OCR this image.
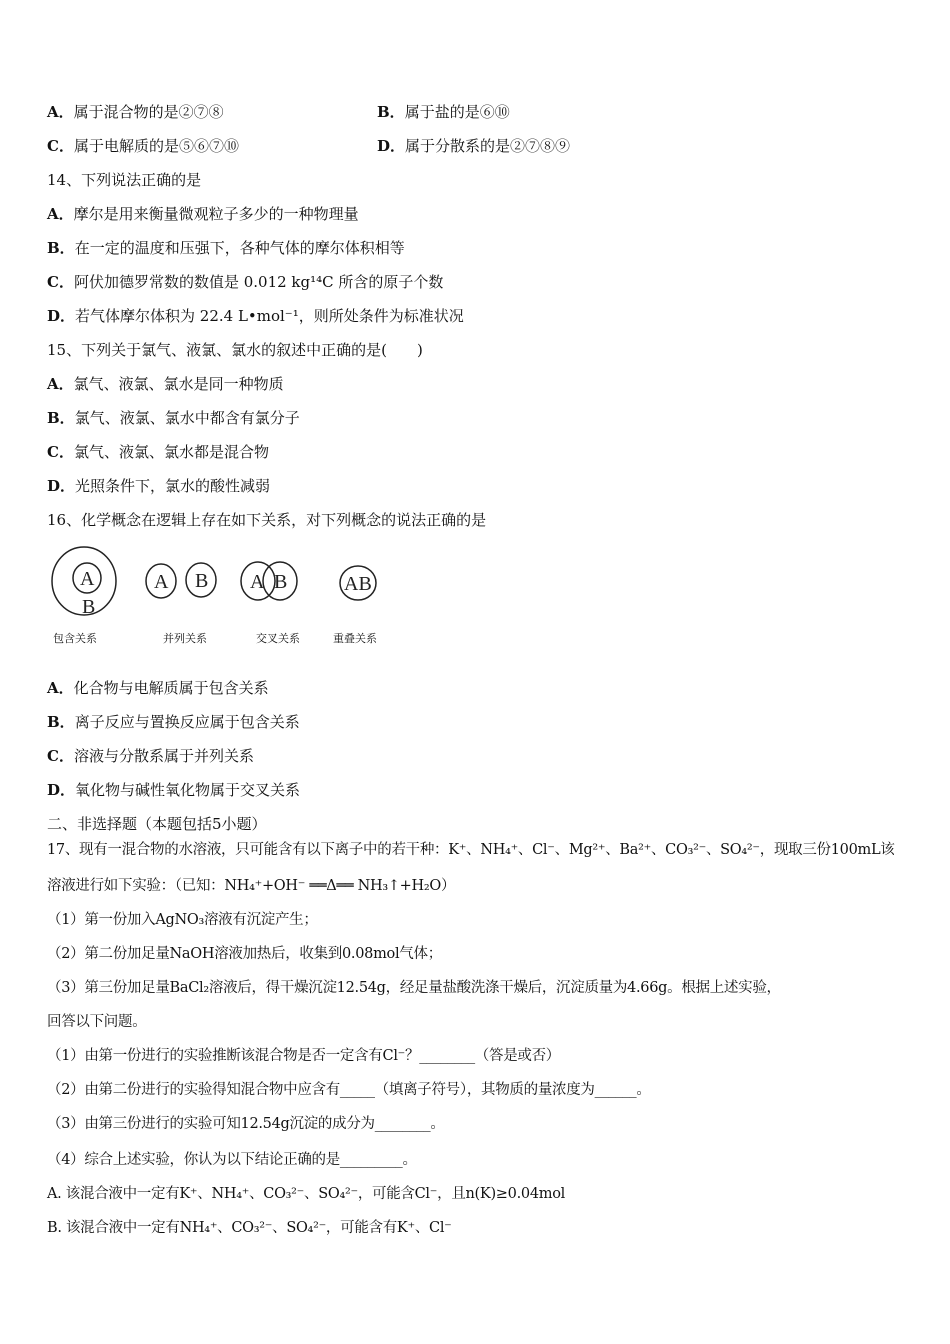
A．属于混合物的是②⑦⑧	B．属于盐的是⑥⑩
C．属于电解质的是⑤⑥⑦⑩	D．属于分散系的是②⑦⑧⑨
14、下列说法正确的是
A．摩尔是用来衡量微观粒子多少的一种物理量
B．在一定的温度和压强下，各种气体的摩尔体积相等
C．阿伏加德罗常数的数值是 0.012 kg¹⁴C 所含的原子个数
D．若气体摩尔体积为 22.4 L•mol⁻¹，则所处条件为标准状况
15、下列关于氯气、液氯、氯水的叙述中正确的是(　　)
A．氯气、液氯、氯水是同一种物质
B．氯气、液氯、氯水中都含有氯分子
C．氯气、液氯、氯水都是混合物
D．光照条件下，氯水的酸性减弱
16、化学概念在逻辑上存在如下关系，对下列概念的说法正确的是
A
B
A B A B	AB
包含关系	并列关系	交叉关系	重叠关系
A．化合物与电解质属于包含关系
B．离子反应与置换反应属于包含关系
C．溶液与分散系属于并列关系
D．氧化物与碱性氧化物属于交叉关系
二、非选择题（本题包括5小题）
17、现有一混合物的水溶液，只可能含有以下离子中的若干种：K⁺、NH₄⁺、Cl⁻、Mg²⁺、Ba²⁺、CO₃²⁻、SO₄²⁻，现取三份100mL该
溶液进行如下实验：（已知：NH₄⁺+OH⁻ ══Δ══ NH₃↑+H₂O）
（1）第一份加入AgNO₃溶液有沉淀产生；
（2）第二份加足量NaOH溶液加热后，收集到0.08mol气体；
（3）第三份加足量BaCl₂溶液后，得干燥沉淀12.54g，经足量盐酸洗涤干燥后，沉淀质量为4.66g。根据上述实验，
回答以下问题。
（1）由第一份进行的实验推断该混合物是否一定含有Cl⁻？________（答是或否）
（2）由第二份进行的实验得知混合物中应含有_____（填离子符号），其物质的量浓度为______。
（3）由第三份进行的实验可知12.54g沉淀的成分为________。
（4）综合上述实验，你认为以下结论正确的是_________。
A. 该混合液中一定有K⁺、NH₄⁺、CO₃²⁻、SO₄²⁻，可能含Cl⁻，且n(K)≥0.04mol
B. 该混合液中一定有NH₄⁺、CO₃²⁻、SO₄²⁻，可能含有K⁺、Cl⁻
